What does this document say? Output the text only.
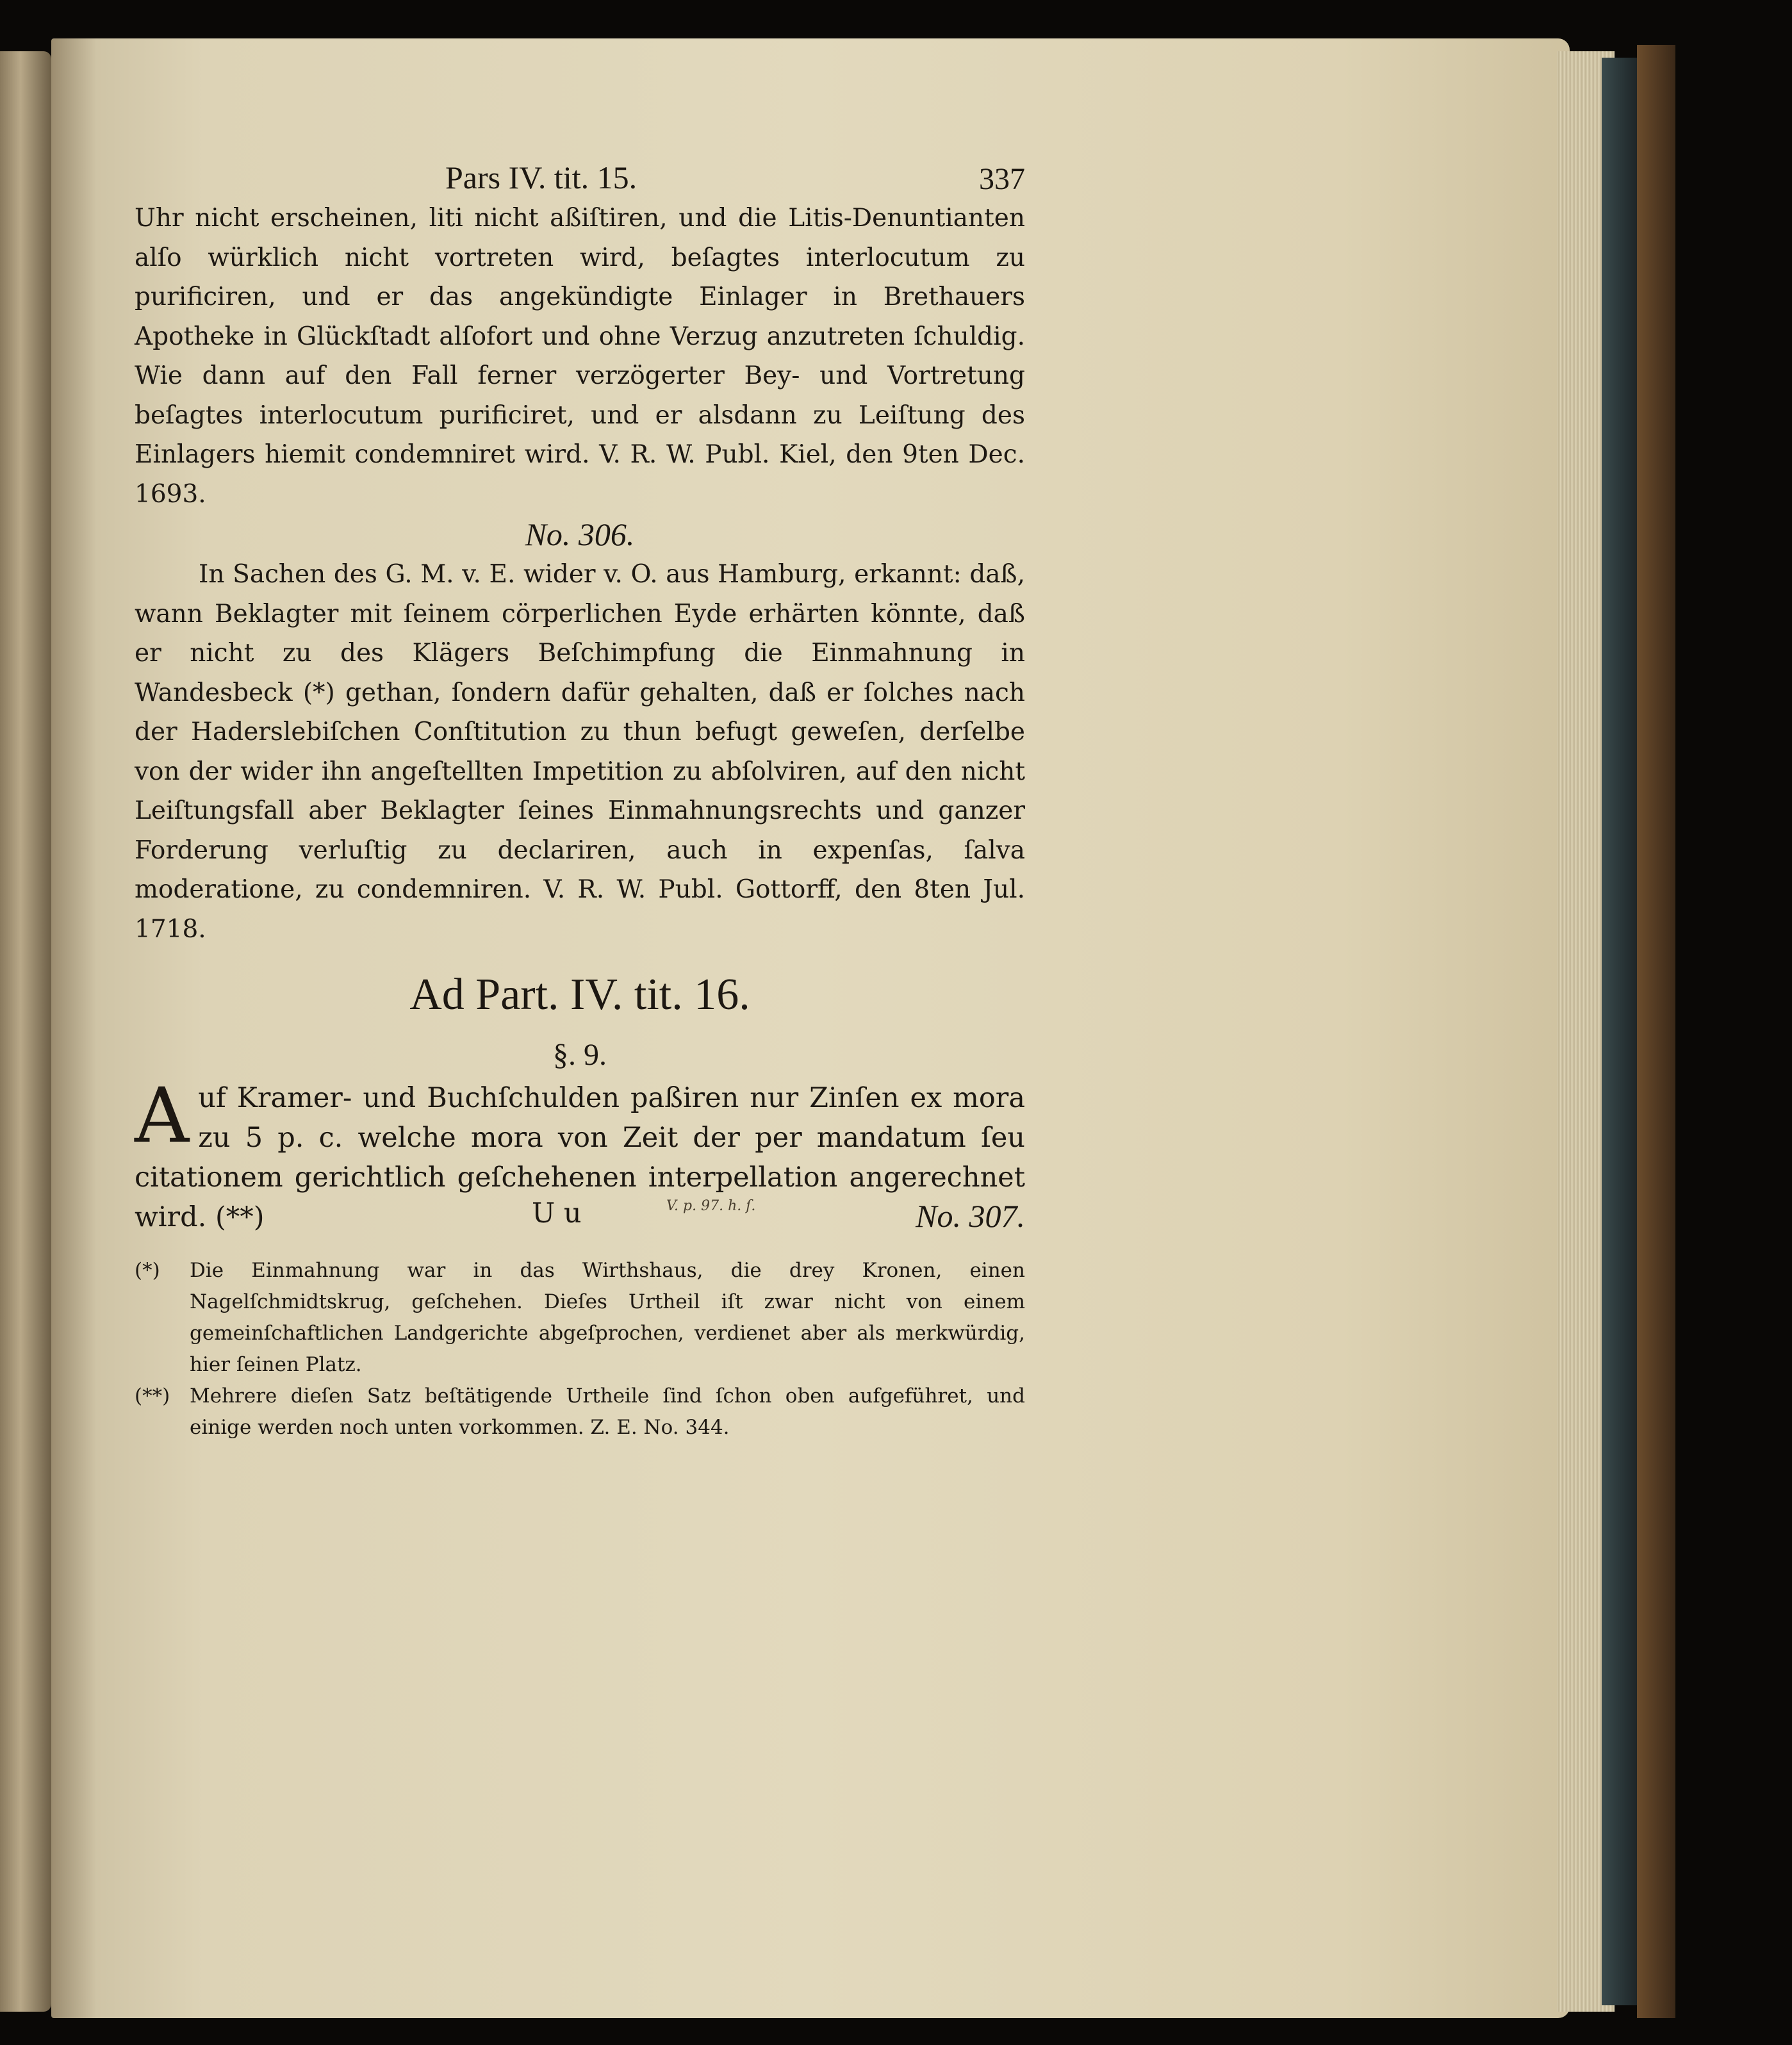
Pars IV. tit. 15.	337

Uhr nicht erscheinen, liti nicht aßiſtiren, und die Litis-Denuntianten alſo würklich nicht vortreten wird, beſagtes interlocutum zu purificiren, und er das angekündigte Einlager in Brethauers Apotheke in Glückſtadt alſofort und ohne Verzug anzutreten ſchuldig. Wie dann auf den Fall ferner verzögerter Bey- und Vortretung beſagtes interlocutum purificiret, und er alsdann zu Leiſtung des Einlagers hiemit condemniret wird. V. R. W. Publ. Kiel, den 9ten Dec. 1693.

No. 306.

In Sachen des G. M. v. E. wider v. O. aus Hamburg, erkannt: daß, wann Beklagter mit ſeinem cörperlichen Eyde erhärten könnte, daß er nicht zu des Klägers Beſchimpfung die Einmahnung in Wandesbeck (*) gethan, ſondern dafür gehalten, daß er ſolches nach der Haderslebiſchen Conſtitution zu thun befugt geweſen, derſelbe von der wider ihn angeſtellten Impetition zu abſolviren, auf den nicht Leiſtungsfall aber Beklagter ſeines Einmahnungsrechts und ganzer Forderung verluſtig zu declariren, auch in expenſas, ſalva moderatione, zu condemniren. V. R. W. Publ. Gottorff, den 8ten Jul. 1718.

Ad Part. IV. tit. 16.
§. 9.

A uf Kramer- und Buchſchulden paßiren nur Zinſen ex mora zu 5 p. c. welche mora von Zeit der per mandatum ſeu citationem gerichtlich geſchehenen interpellation angerechnet wird. (**)	U u	No. 307.

(*) Die Einmahnung war in das Wirthshaus, die drey Kronen, einen Nagelſchmidtskrug, geſchehen. Dieſes Urtheil iſt zwar nicht von einem gemeinſchaftlichen Landgerichte abgeſprochen, verdienet aber als merkwürdig, hier ſeinen Platz.

(**) Mehrere dieſen Satz beſtätigende Urtheile ſind ſchon oben aufgeführet, und einige werden noch unten vorkommen. Z. E. No. 344.

V. p. 97. h. ſ.
